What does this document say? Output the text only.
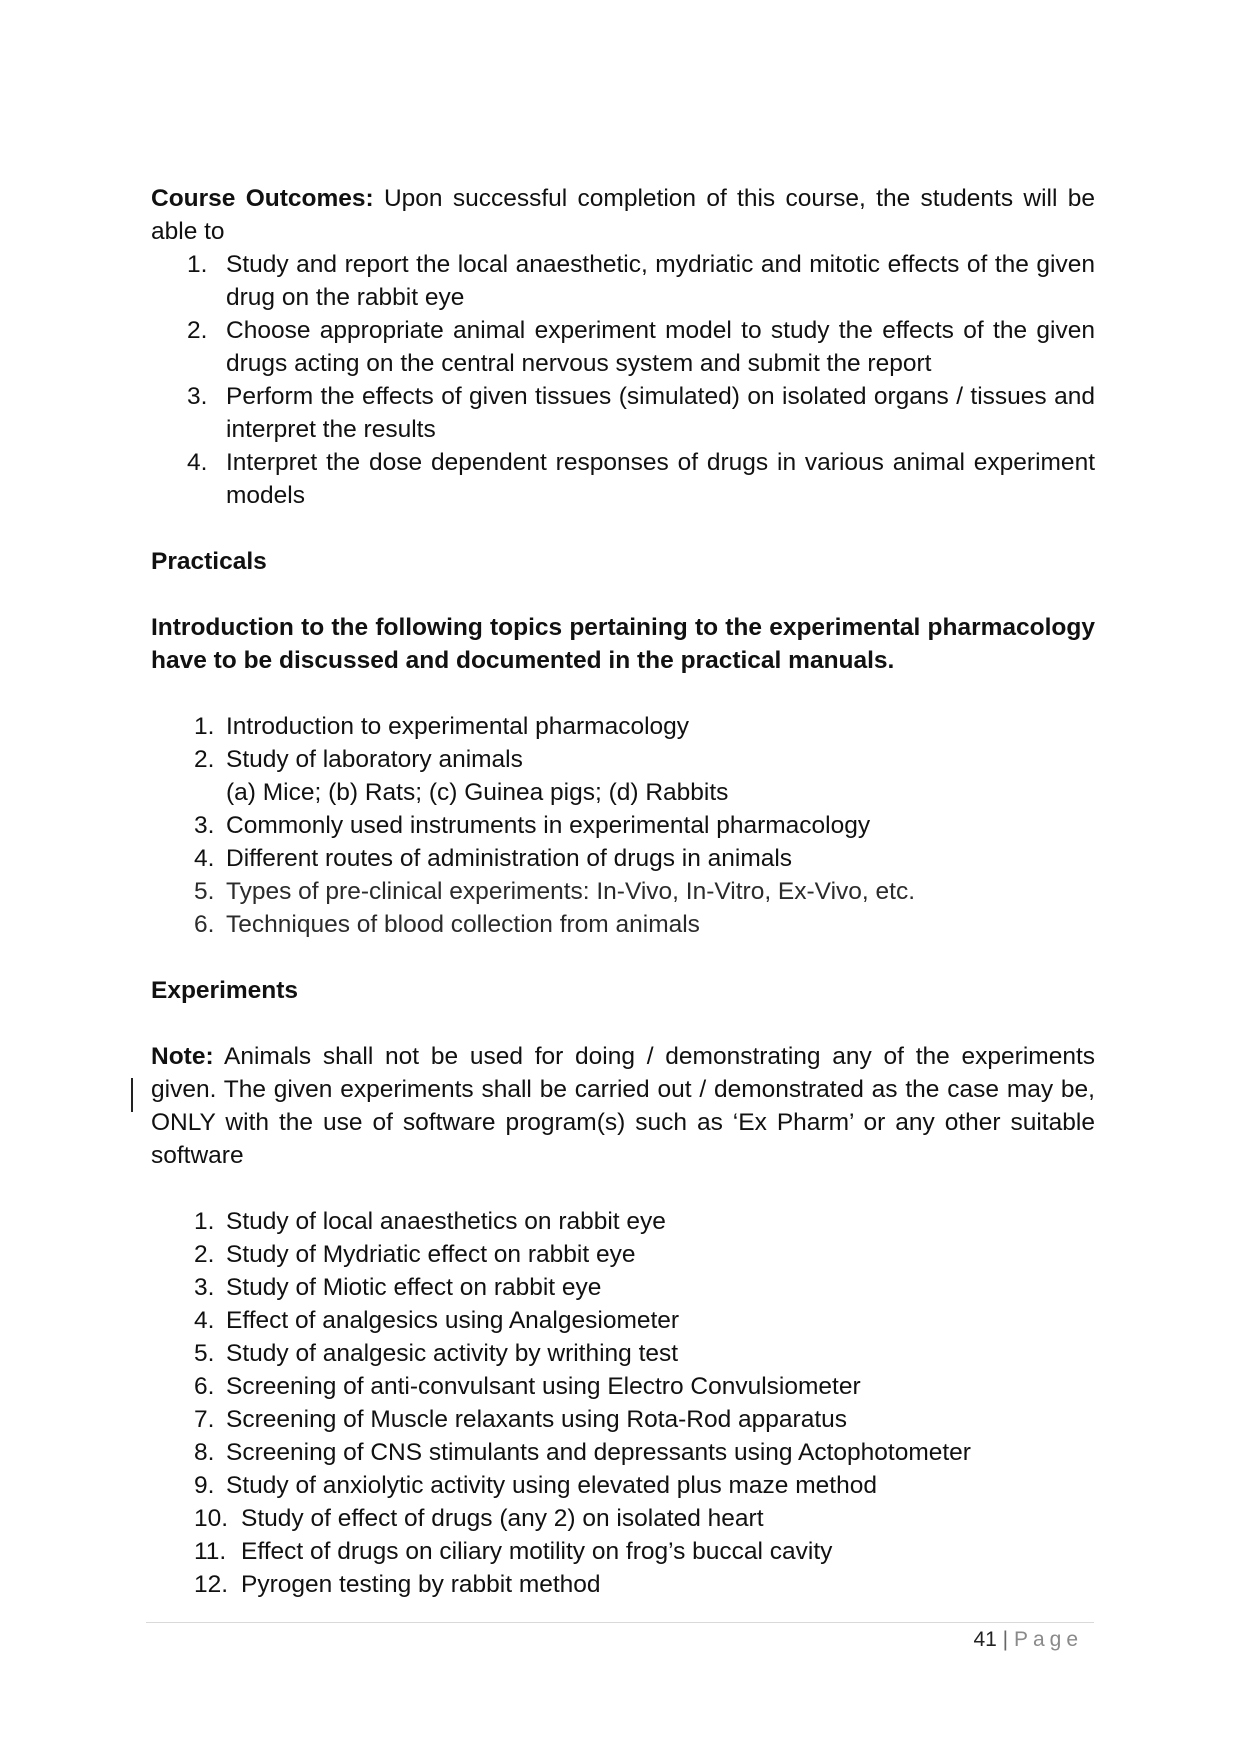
Course Outcomes: Upon successful completion of this course, the students will be able to

1. Study and report the local anaesthetic, mydriatic and mitotic effects of the given drug on the rabbit eye
2. Choose appropriate animal experiment model to study the effects of the given drugs acting on the central nervous system and submit the report
3. Perform the effects of given tissues (simulated) on isolated organs / tissues and interpret the results
4. Interpret the dose dependent responses of drugs in various animal experiment models

Practicals

Introduction to the following topics pertaining to the experimental pharmacology have to be discussed and documented in the practical manuals.

1. Introduction to experimental pharmacology
2. Study of laboratory animals
(a) Mice; (b) Rats; (c) Guinea pigs; (d) Rabbits
3. Commonly used instruments in experimental pharmacology
4. Different routes of administration of drugs in animals
5. Types of pre-clinical experiments: In-Vivo, In-Vitro, Ex-Vivo, etc.
6. Techniques of blood collection from animals

Experiments

Note: Animals shall not be used for doing / demonstrating any of the experiments given. The given experiments shall be carried out / demonstrated as the case may be, ONLY with the use of software program(s) such as ‘Ex Pharm’ or any other suitable software

1. Study of local anaesthetics on rabbit eye
2. Study of Mydriatic effect on rabbit eye
3. Study of Miotic effect on rabbit eye
4. Effect of analgesics using Analgesiometer
5. Study of analgesic activity by writhing test
6. Screening of anti-convulsant using Electro Convulsiometer
7. Screening of Muscle relaxants using Rota-Rod apparatus
8. Screening of CNS stimulants and depressants using Actophotometer
9. Study of anxiolytic activity using elevated plus maze method
10. Study of effect of drugs (any 2) on isolated heart
11. Effect of drugs on ciliary motility on frog’s buccal cavity
12. Pyrogen testing by rabbit method
41 | Page
